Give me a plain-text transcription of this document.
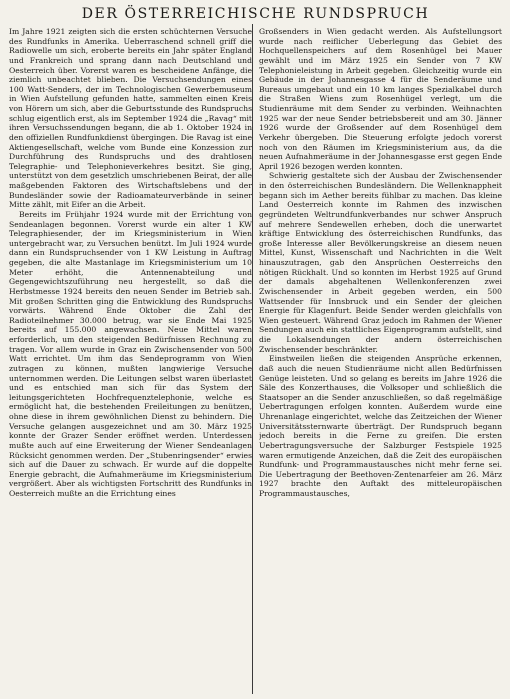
DER ÖSTERREICHISCHE RUNDSPRUCH

Im Jahre 1921 zeigten sich die ersten schüchternen Versuche des Rundfunks in Amerika. Ueberraschend schnell griff die Radiowelle um sich, eroberte bereits ein Jahr später England und Frankreich und sprang dann nach Deutschland und Oesterreich über. Vorerst waren es bescheidene Anfänge, die ziemlich unbeachtet blieben. Die Versuchsendungen eines 100 Watt-Senders, der im Technologischen Gewerbemuseum in Wien Aufstellung gefunden hatte, sammelten einen Kreis von Hörern um sich, aber die Geburtsstunde des Rundspruchs schlug eigentlich erst, als im September 1924 die „Ravag“ mit ihren Versuchssendungen begann, die ab 1. Oktober 1924 in den offiziellen Rundfunkdienst übergingen. Die Ravag ist eine Aktiengesellschaft, welche vom Bunde eine Konzession zur Durchführung des Rundspruchs und des drahtlosen Telegraphie- und Telephonieverkehres besitzt. Sie ging, unterstützt von dem gesetzlich umschriebenen Beirat, der alle maßgebenden Faktoren des Wirtschaftslebens und der Bundesländer sowie der Radioamateurverbände in seiner Mitte zählt, mit Eifer an die Arbeit.

Bereits im Frühjahr 1924 wurde mit der Errichtung von Sendeanlagen begonnen. Vorerst wurde ein alter 1 KW Telegraphiesender, der im Kriegsministerium in Wien untergebracht war, zu Versuchen benützt. Im Juli 1924 wurde dann ein Rundspruchsender von 1 KW Leistung in Auftrag gegeben, die alte Mastanlage im Kriegsministerium um 10 Meter erhöht, die Antennenabteilung und Gegengewichtszuführung neu hergestellt, so daß die Herbstmesse 1924 bereits den neuen Sender im Betrieb sah. Mit großen Schritten ging die Entwicklung des Rundspruchs vorwärts. Während Ende Oktober die Zahl der Radioteilnehmer 30.000 betrug, war sie Ende Mai 1925 bereits auf 155.000 angewachsen. Neue Mittel waren erforderlich, um den steigenden Bedürfnissen Rechnung zu tragen. Vor allem wurde in Graz ein Zwischensender von 500 Watt errichtet. Um ihm das Sendeprogramm von Wien zutragen zu können, mußten langwierige Versuche unternommen werden. Die Leitungen selbst waren überlastet und es entschied man sich für das System der leitungsgerichteten Hochfrequenztelephonie, welche es ermöglicht hat, die bestehenden Freileitungen zu benützen, ohne diese in ihrem gewöhnlichen Dienst zu behindern. Die Versuche gelangen ausgezeichnet und am 30. März 1925 konnte der Grazer Sender eröffnet werden. Unterdessen mußte auch auf eine Erweiterung der Wiener Sendeanlagen Rücksicht genommen werden. Der „Stubenringsender“ erwies sich auf die Dauer zu schwach. Er wurde auf die doppelte Energie gebracht, die Aufnahmeräume im Kriegsministerium vergrößert. Aber als wichtigsten Fortschritt des Rundfunks in Oesterreich mußte an die Errichtung eines

Großsenders in Wien gedacht werden. Als Aufstellungsort wurde nach reiflicher Ueberlegung das Gebiet des Hochquellenspeichers auf dem Rosenhügel bei Mauer gewählt und im März 1925 ein Sender von 7 KW Telephonieleistung in Arbeit gegeben. Gleichzeitig wurde ein Gebäude in der Johannesgasse 4 für die Senderäume und Bureaus umgebaut und ein 10 km langes Spezialkabel durch die Straßen Wiens zum Rosenhügel verlegt, um die Studienräume mit dem Sender zu verbinden. Weihnachten 1925 war der neue Sender betriebsbereit und am 30. Jänner 1926 wurde der Großsender auf dem Rosenhügel dem Verkehr übergeben. Die Steuerung erfolgte jedoch vorerst noch von den Räumen im Kriegsministerium aus, da die neuen Aufnahmeräume in der Johannesgasse erst gegen Ende April 1926 bezogen werden konnten.

Schwierig gestaltete sich der Ausbau der Zwischensender in den österreichischen Bundesländern. Die Wellenknappheit begann sich im Aether bereits fühlbar zu machen. Das kleine Land Oesterreich konnte im Rahmen des inzwischen gegründeten Weltrundfunkverbandes nur schwer Anspruch auf mehrere Sendewellen erheben, doch die unerwartet kräftige Entwicklung des österreichischen Rundfunks, das große Interesse aller Bevölkerungskreise an diesem neuen Mittel, Kunst, Wissenschaft und Nachrichten in die Welt hinauszutragen, gab den Ansprüchen Oesterreichs den nötigen Rückhalt. Und so konnten im Herbst 1925 auf Grund der damals abgehaltenen Wellenkonferenzen zwei Zwischensender in Arbeit gegeben werden, ein 500 Wattsender für Innsbruck und ein Sender der gleichen Energie für Klagenfurt. Beide Sender werden gleichfalls von Wien gesteuert. Während Graz jedoch im Rahmen der Wiener Sendungen auch ein stattliches Eigenprogramm aufstellt, sind die Lokalsendungen der andern österreichischen Zwischensender beschränkter.

Einstweilen ließen die steigenden Ansprüche erkennen, daß auch die neuen Studienräume nicht allen Bedürfnissen Genüge leisteten. Und so gelang es bereits im Jahre 1926 die Säle des Konzerthauses, die Volksoper und schließlich die Staatsoper an die Sender anzuschließen, so daß regelmäßige Uebertragungen erfolgen konnten. Außerdem wurde eine Uhrenanlage eingerichtet, welche das Zeitzeichen der Wiener Universitätssternwarte überträgt. Der Rundspruch begann jedoch bereits in die Ferne zu greifen. Die ersten Uebertragungsversuche der Salzburger Festspiele 1925 waren ermutigende Anzeichen, daß die Zeit des europäischen Rundfunk- und Programmaustausches nicht mehr ferne sei. Die Uebertragung der Beethoven-Zentenarfeier am 26. März 1927 brachte den Auftakt des mitteleuropäischen Programmaustausches,
